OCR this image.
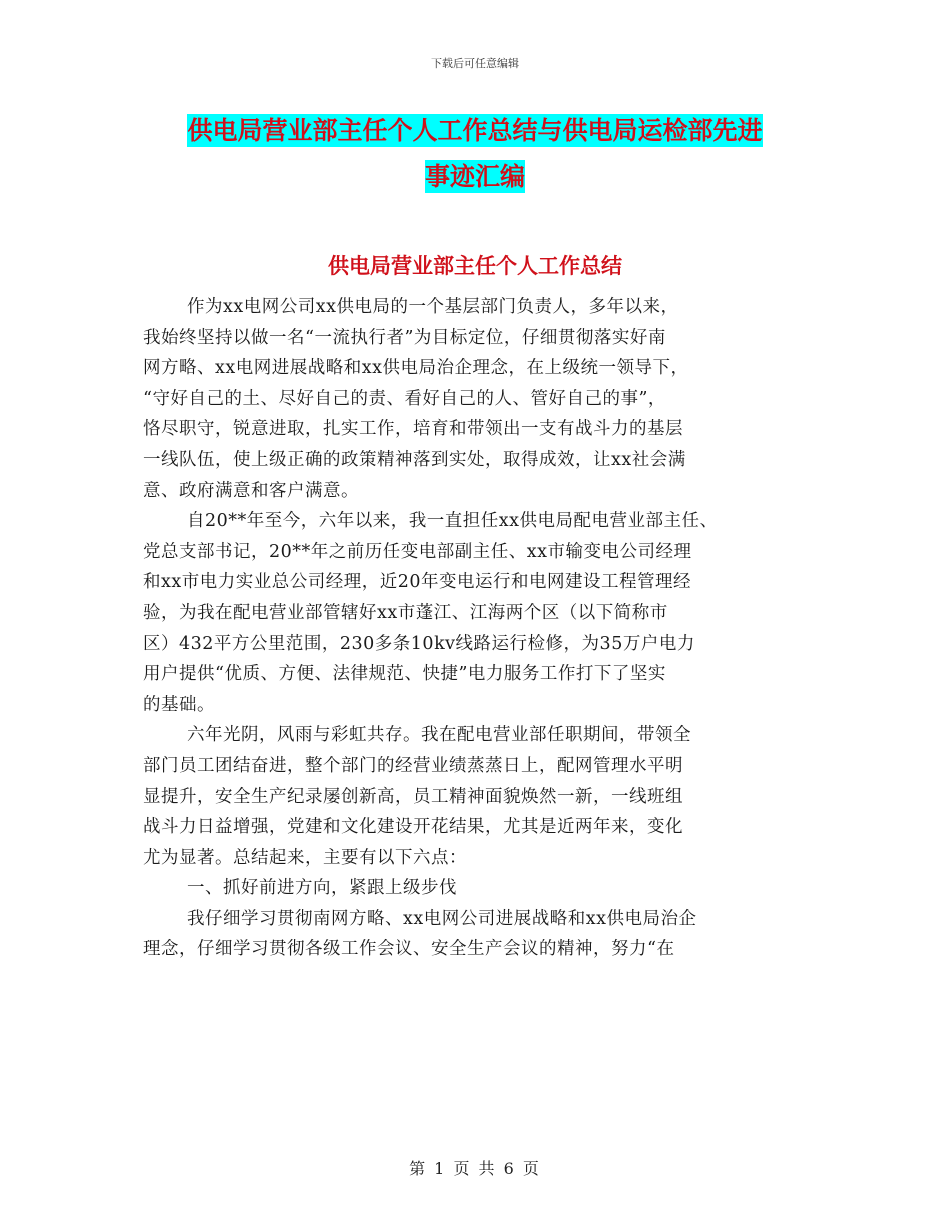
下载后可任意编辑
供电局营业部主任个人工作总结与供电局运检部先进
事迹汇编
供电局营业部主任个人工作总结
作为xx电网公司xx供电局的一个基层部门负责人，多年以来，
我始终坚持以做一名“一流执行者”为目标定位，仔细贯彻落实好南
网方略、xx电网进展战略和xx供电局治企理念，在上级统一领导下，
“守好自己的土、尽好自己的责、看好自己的人、管好自己的事”，
恪尽职守，锐意进取，扎实工作，培育和带领出一支有战斗力的基层
一线队伍，使上级正确的政策精神落到实处，取得成效，让xx社会满
意、政府满意和客户满意。
自20**年至今，六年以来，我一直担任xx供电局配电营业部主任、
党总支部书记，20**年之前历任变电部副主任、xx市输变电公司经理
和xx市电力实业总公司经理，近20年变电运行和电网建设工程管理经
验，为我在配电营业部管辖好xx市蓬江、江海两个区（以下简称市
区）432平方公里范围，230多条10kv线路运行检修，为35万户电力
用户提供“优质、方便、法律规范、快捷”电力服务工作打下了坚实
的基础。
六年光阴，风雨与彩虹共存。我在配电营业部任职期间，带领全
部门员工团结奋进，整个部门的经营业绩蒸蒸日上，配网管理水平明
显提升，安全生产纪录屡创新高，员工精神面貌焕然一新，一线班组
战斗力日益增强，党建和文化建设开花结果，尤其是近两年来，变化
尤为显著。总结起来，主要有以下六点：
一、抓好前进方向，紧跟上级步伐
我仔细学习贯彻南网方略、xx电网公司进展战略和xx供电局治企
理念，仔细学习贯彻各级工作会议、安全生产会议的精神，努力“在
第 1 页 共 6 页
